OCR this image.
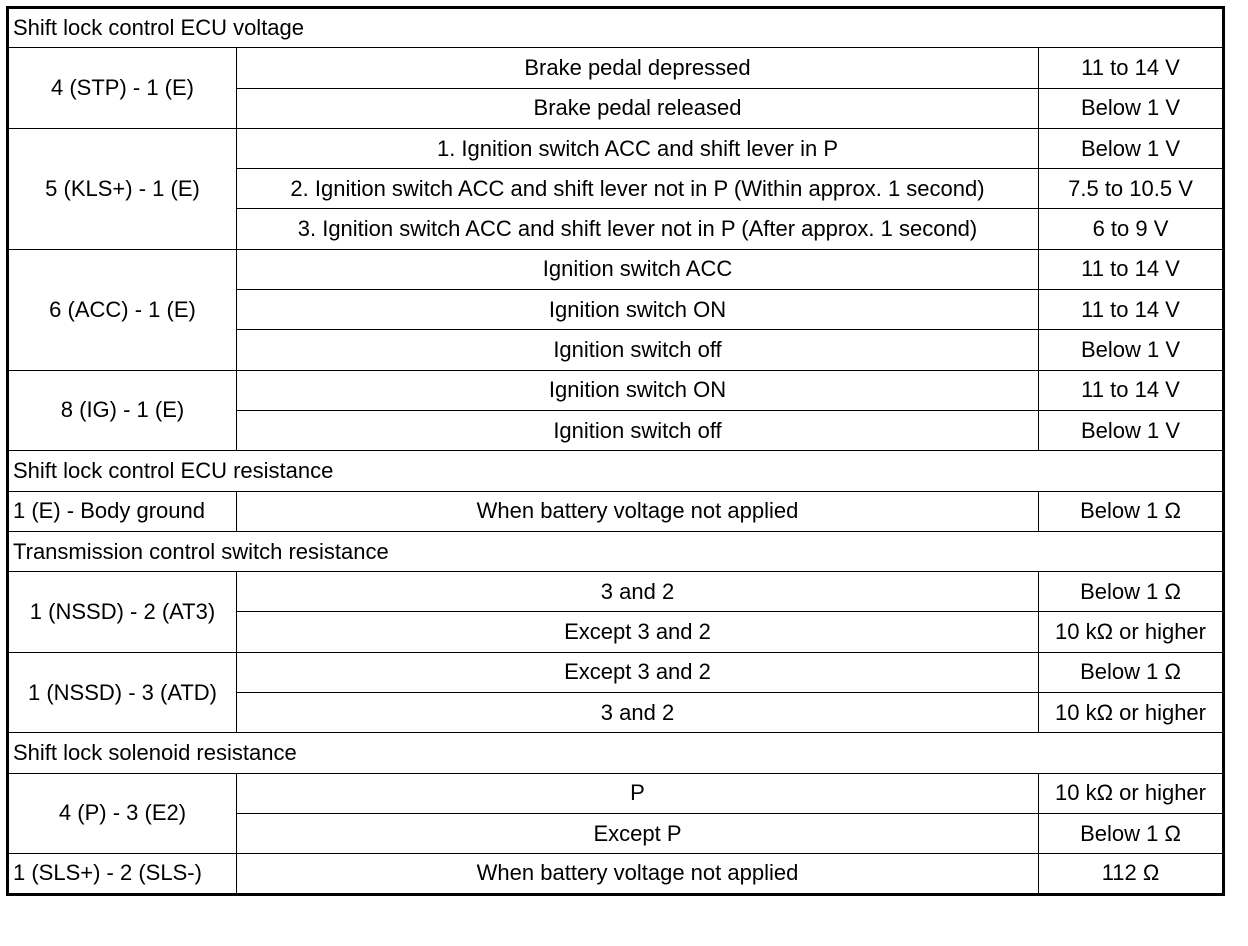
Shift lock control ECU voltage		
4 (STP) - 1 (E)	Brake pedal depressed	11 to 14 V
	Brake pedal released	Below 1 V
5 (KLS+) - 1 (E)	1. Ignition switch ACC and shift lever in P	Below 1 V
	2. Ignition switch ACC and shift lever not in P (Within approx. 1 second)	7.5 to 10.5 V
	3. Ignition switch ACC and shift lever not in P (After approx. 1 second)	6 to 9 V
6 (ACC) - 1 (E)	Ignition switch ACC	11 to 14 V
	Ignition switch ON	11 to 14 V
	Ignition switch off	Below 1 V
8 (IG) - 1 (E)	Ignition switch ON	11 to 14 V
	Ignition switch off	Below 1 V
Shift lock control ECU resistance		
1 (E) - Body ground	When battery voltage not applied	Below 1 Ω
Transmission control switch resistance		
1 (NSSD) - 2 (AT3)	3 and 2	Below 1 Ω
	Except 3 and 2	10 kΩ or higher
1 (NSSD) - 3 (ATD)	Except 3 and 2	Below 1 Ω
	3 and 2	10 kΩ or higher
Shift lock solenoid resistance		
4 (P) - 3 (E2)	P	10 kΩ or higher
	Except P	Below 1 Ω
1 (SLS+) - 2 (SLS-)	When battery voltage not applied	112 Ω
